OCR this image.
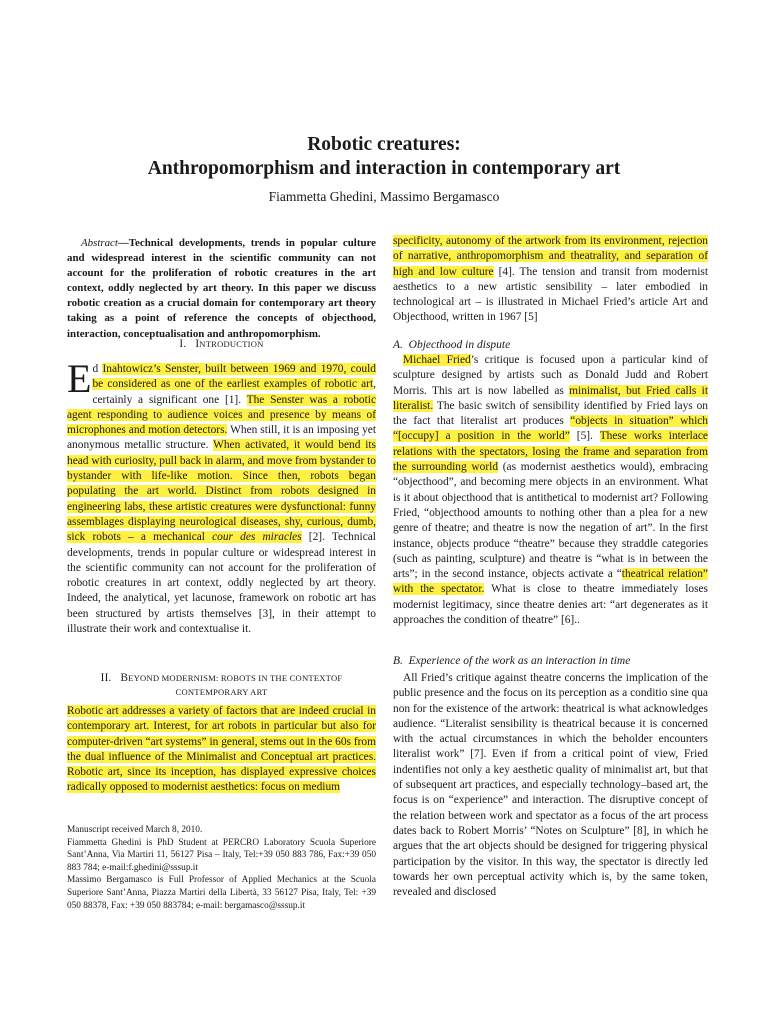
Robotic creatures:
Anthropomorphism and interaction in contemporary art
Fiammetta Ghedini, Massimo Bergamasco
Abstract—Technical developments, trends in popular culture and widespread interest in the scientific community can not account for the proliferation of robotic creatures in the art context, oddly neglected by art theory. In this paper we discuss robotic creation as a crucial domain for contemporary art theory taking as a point of reference the concepts of objecthood, interaction, conceptualisation and anthropomorphism.
I. INTRODUCTION
Ed Inahtowicz’s Senster, built between 1969 and 1970, could be considered as one of the earliest examples of robotic art, certainly a significant one [1]. The Senster was a robotic agent responding to audience voices and presence by means of microphones and motion detectors. When still, it is an imposing yet anonymous metallic structure. When activated, it would bend its head with curiosity, pull back in alarm, and move from bystander to bystander with life-like motion. Since then, robots began populating the art world. Distinct from robots designed in engineering labs, these artistic creatures were dysfunctional: funny assemblages displaying neurological diseases, shy, curious, dumb, sick robots – a mechanical cour des miracles [2]. Technical developments, trends in popular culture or widespread interest in the scientific community can not account for the proliferation of robotic creatures in art context, oddly neglected by art theory. Indeed, the analytical, yet lacunose, framework on robotic art has been structured by artists themselves [3], in their attempt to illustrate their work and contextualise it.
II. BEYOND MODERNISM: ROBOTS IN THE CONTEXTOF
CONTEMPORARY ART
Robotic art addresses a variety of factors that are indeed crucial in contemporary art. Interest, for art robots in particular but also for computer-driven “art systems” in general, stems out in the 60s from the dual influence of the Minimalist and Conceptual art practices. Robotic art, since its inception, has displayed expressive choices radically opposed to modernist aesthetics: focus on medium

Manuscript received March 8, 2010.

Fiammetta Ghedini is PhD Student at PERCRO Laboratory Scuola Superiore Sant’Anna, Via Martiri 11, 56127 Pisa – Italy, Tel:+39 050 883 786, Fax:+39 050 883 784; e-mail:f.ghedini@sssup.it

Massimo Bergamasco is Full Professor of Applied Mechanics at the Scuola Superiore Sant’Anna, Piazza Martiri della Libertà, 33 56127 Pisa, Italy, Tel: +39 050 88378, Fax: +39 050 883784; e-mail: bergamasco@sssup.it

specificity, autonomy of the artwork from its environment, rejection of narrative, anthropomorphism and theatrality, and separation of high and low culture [4]. The tension and transit from modernist aesthetics to a new artistic sensibility – later embodied in technological art – is illustrated in Michael Fried’s article Art and Objecthood, written in 1967 [5]
A. Objecthood in dispute
Michael Fried’s critique is focused upon a particular kind of sculpture designed by artists such as Donald Judd and Robert Morris. This art is now labelled as minimalist, but Fried calls it literalist. The basic switch of sensibility identified by Fried lays on the fact that literalist art produces “objects in situation” which “[occupy] a position in the world” [5]. These works interlace relations with the spectators, losing the frame and separation from the surrounding world (as modernist aesthetics would), embracing “objecthood”, and becoming mere objects in an environment. What is it about objecthood that is antithetical to modernist art? Following Fried, “objecthood amounts to nothing other than a plea for a new genre of theatre; and theatre is now the negation of art”. In the first instance, objects produce “theatre” because they straddle categories (such as painting, sculpture) and theatre is “what is in between the arts”; in the second instance, objects activate a “theatrical relation” with the spectator. What is close to theatre immediately loses modernist legitimacy, since theatre denies art: “art degenerates as it approaches the condition of theatre” [6]..
B. Experience of the work as an interaction in time
All Fried’s critique against theatre concerns the implication of the public presence and the focus on its perception as a conditio sine qua non for the existence of the artwork: theatrical is what acknowledges audience. “Literalist sensibility is theatrical because it is concerned with the actual circumstances in which the beholder encounters literalist work” [7]. Even if from a critical point of view, Fried indentifies not only a key aesthetic quality of minimalist art, but that of subsequent art practices, and especially technology–based art, the focus is on “experience” and interaction. The disruptive concept of the relation between work and spectator as a focus of the art process dates back to Robert Morris’ “Notes on Sculpture” [8], in which he argues that the art objects should be designed for triggering physical participation by the visitor. In this way, the spectator is directly led towards her own perceptual activity which is, by the same token, revealed and disclosed
